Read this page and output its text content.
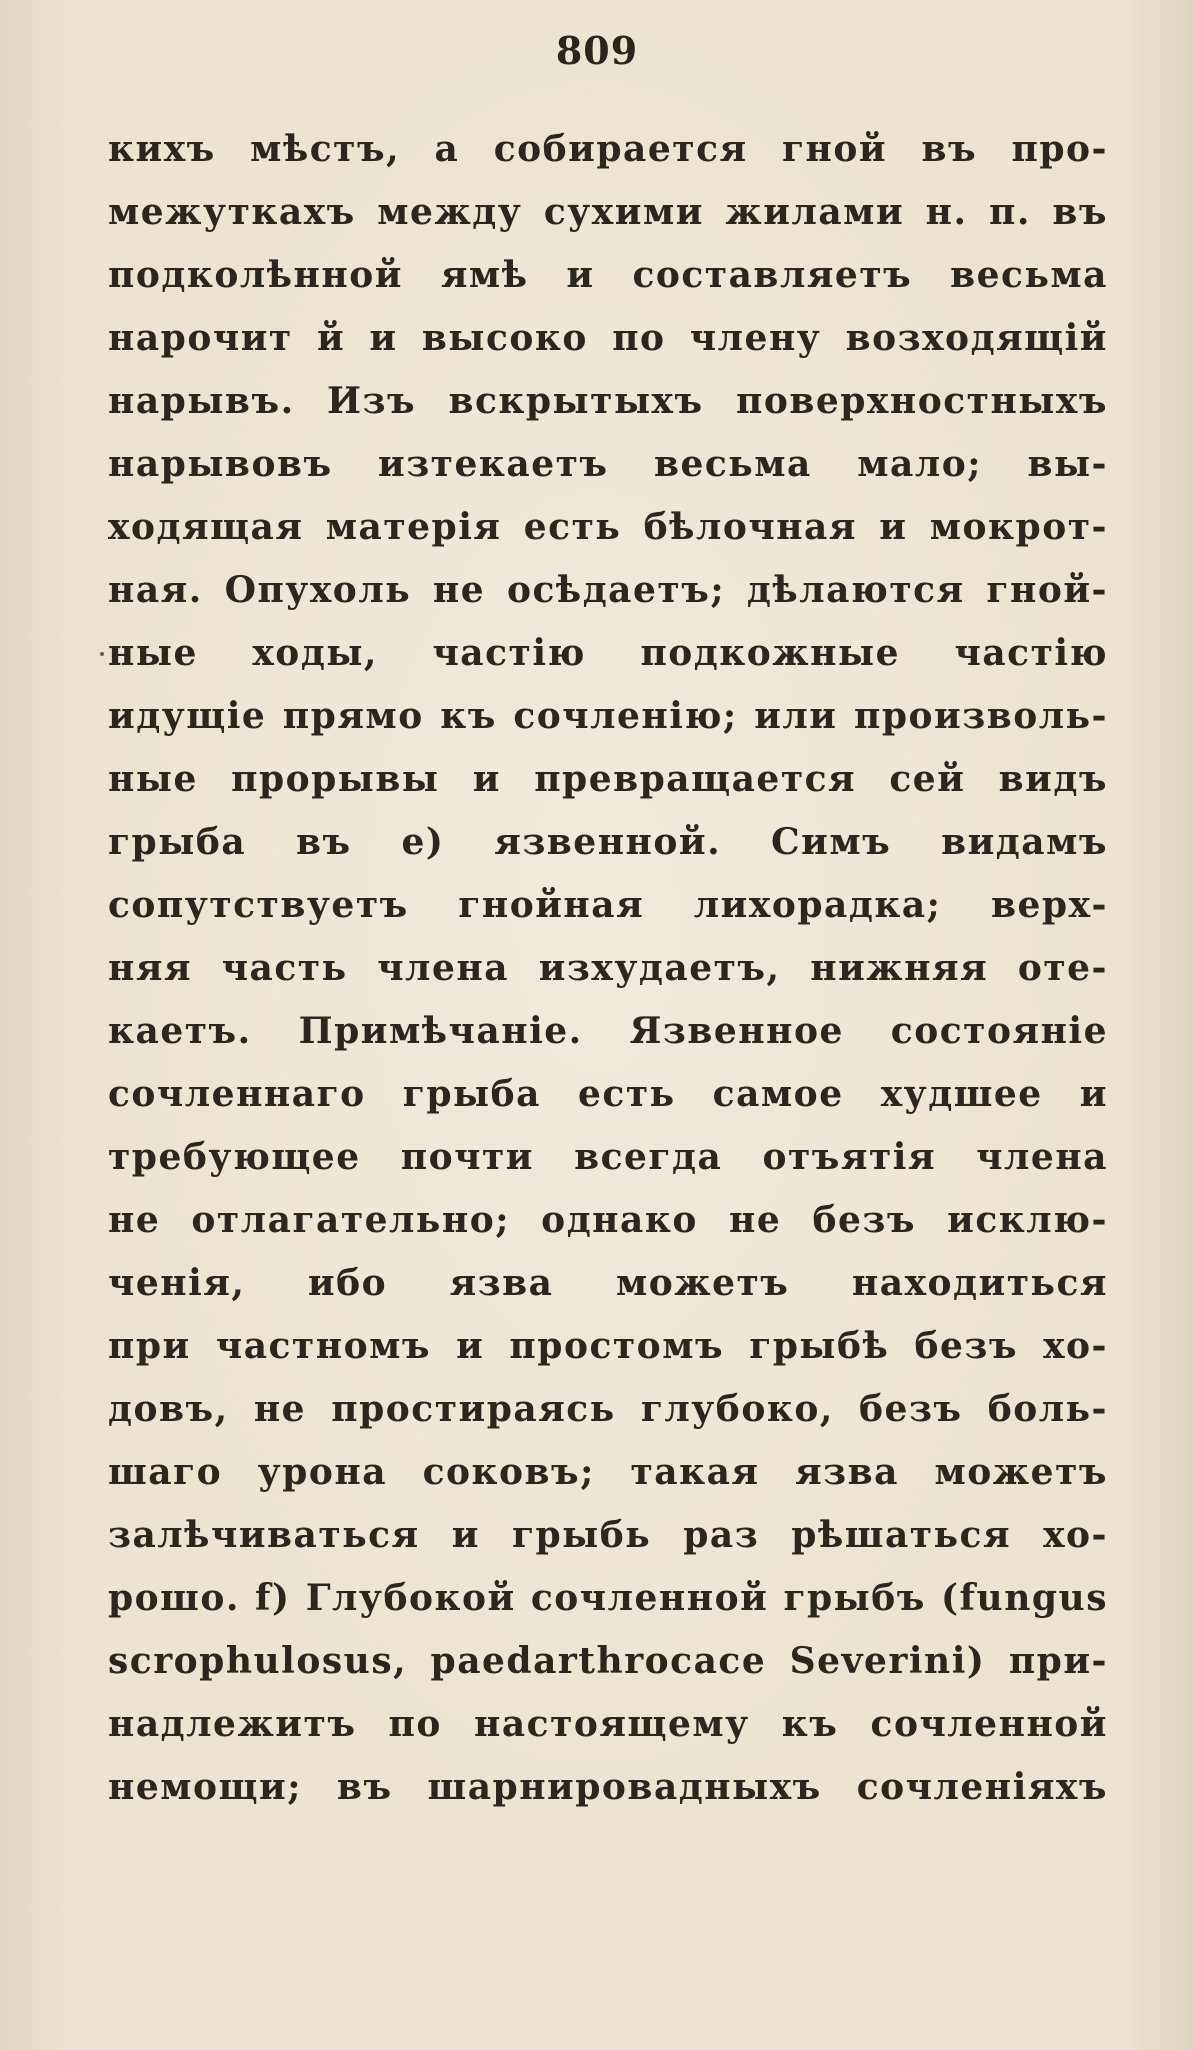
809
кихъ мѣстъ, а собирается гной въ про-
межуткахъ между сухими жилами н. п. въ
подколѣнной ямѣ и составляетъ весьма
нарочит й и высоко по члену возходящій
нарывъ. Изъ вскрытыхъ поверхностныхъ
нарывовъ изтекаетъ весьма мало; вы-
ходящая матерія есть бѣлочная и мокрот-
ная. Опухоль не осѣдаетъ; дѣлаются гной-
ные ходы, частію подкожные частію
идущіе прямо къ сочленію; или произволь-
ные прорывы и превращается сей видъ
грыба въ е) язвенной. Симъ видамъ
сопутствуетъ гнойная лихорадка; верх-
няя часть члена изхудаетъ, нижняя оте-
каетъ. Примѣчаніе. Язвенное состояніе
сочленнаго грыба есть самое худшее и
требующее почти всегда отъятія члена
не отлагательно; однако не безъ исклю-
ченія, ибо язва можетъ находиться
при частномъ и простомъ грыбѣ безъ хо-
довъ, не простираясь глубоко, безъ боль-
шаго урона соковъ; такая язва можетъ
залѣчиваться и грыбь раз рѣшаться хо-
рошо. f) Глубокой сочленной грыбъ (fungus
scrophulosus, paedarthrocace Severini) при-
надлежитъ по настоящему къ сочленной
немощи; въ шарнировадныхъ сочленіяхъ
